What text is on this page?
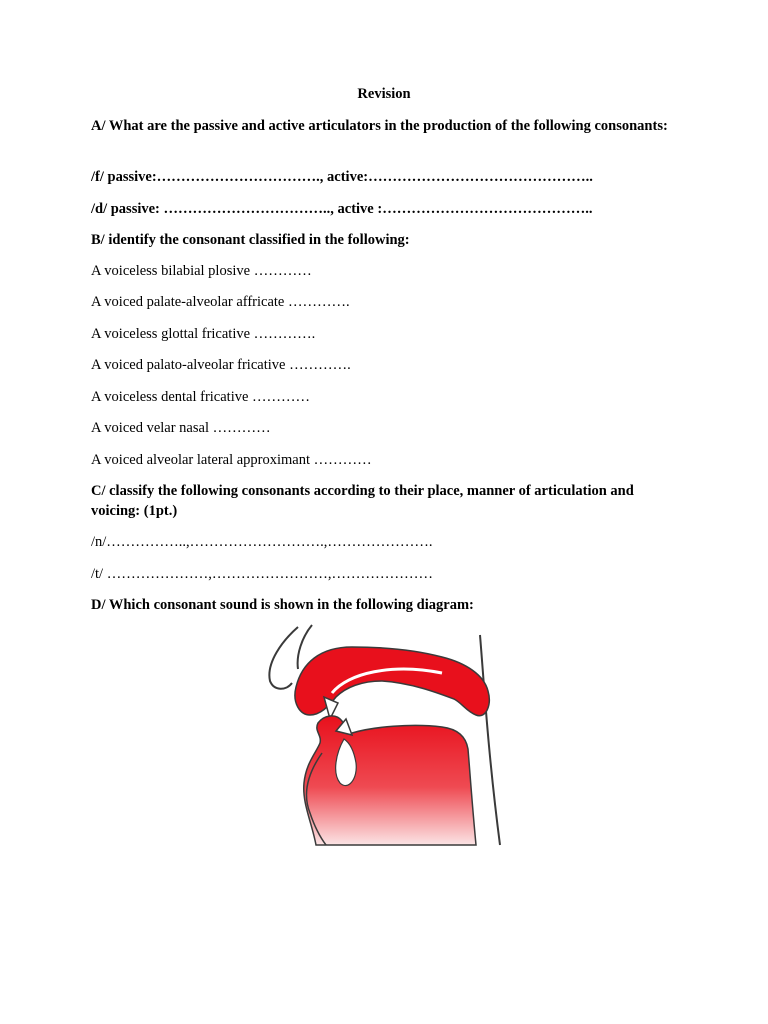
Revision
A/ What are the passive and active articulators in the production of the following consonants:
/f/ passive:……………………………., active:………………………………………..
/d/ passive: …………………………….., active :……………………………………..
B/ identify the consonant classified in the following:
A voiceless bilabial plosive …………
A voiced palate-alveolar affricate ………….
A voiceless glottal fricative ………….
A voiced palato-alveolar fricative ………….
A voiceless dental fricative …………
A voiced velar nasal …………
A voiced alveolar lateral approximant …………
C/ classify the following consonants according to their place, manner of articulation and voicing: (1pt.)
/n/……………..,……………………….,………………….
/t/ …………………,……………………,…………………
D/ Which consonant sound is shown in the following diagram:
